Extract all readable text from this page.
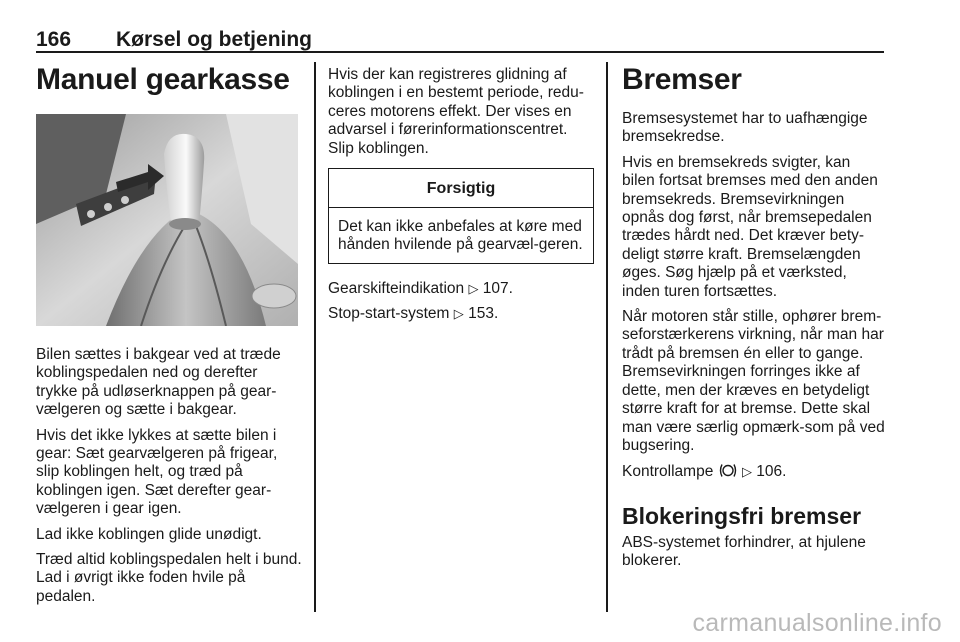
166 Kørsel og betjening
Manuel gearkasse

Bilen sættes i bakgear ved at træde koblingspedalen ned og derefter trykke på udløserknappen på gear-vælgeren og sætte i bakgear.

Hvis det ikke lykkes at sætte bilen i gear: Sæt gearvælgeren på frigear, slip koblingen helt, og træd på koblingen igen. Sæt derefter gear-vælgeren i gear igen.

Lad ikke koblingen glide unødigt.

Træd altid koblingspedalen helt i bund. Lad i øvrigt ikke foden hvile på pedalen.

Hvis der kan registreres glidning af koblingen i en bestemt periode, redu-ceres motorens effekt. Der vises en advarsel i førerinformationscentret. Slip koblingen.

Forsigtig
Det kan ikke anbefales at køre med hånden hvilende på gearvæl-geren.

Gearskifteindikation ▷ 107.

Stop-start-system ▷ 153.

Bremser

Bremsesystemet har to uafhængige bremsekredse.

Hvis en bremsekreds svigter, kan bilen fortsat bremses med den anden bremsekreds. Bremsevirkningen opnås dog først, når bremsepedalen trædes hårdt ned. Det kræver bety-deligt større kraft. Bremselængden øges. Søg hjælp på et værksted, inden turen fortsættes.

Når motoren står stille, ophører brem-seforstærkerens virkning, når man har trådt på bremsen én eller to gange. Bremsevirkningen forringes ikke af dette, men der kræves en betydeligt større kraft for at bremse. Dette skal man være særlig opmærk-som på ved bugsering.

Kontrollampe ▷ 106.

Blokeringsfri bremser

ABS-systemet forhindrer, at hjulene blokerer.

carmanualsonline.info
